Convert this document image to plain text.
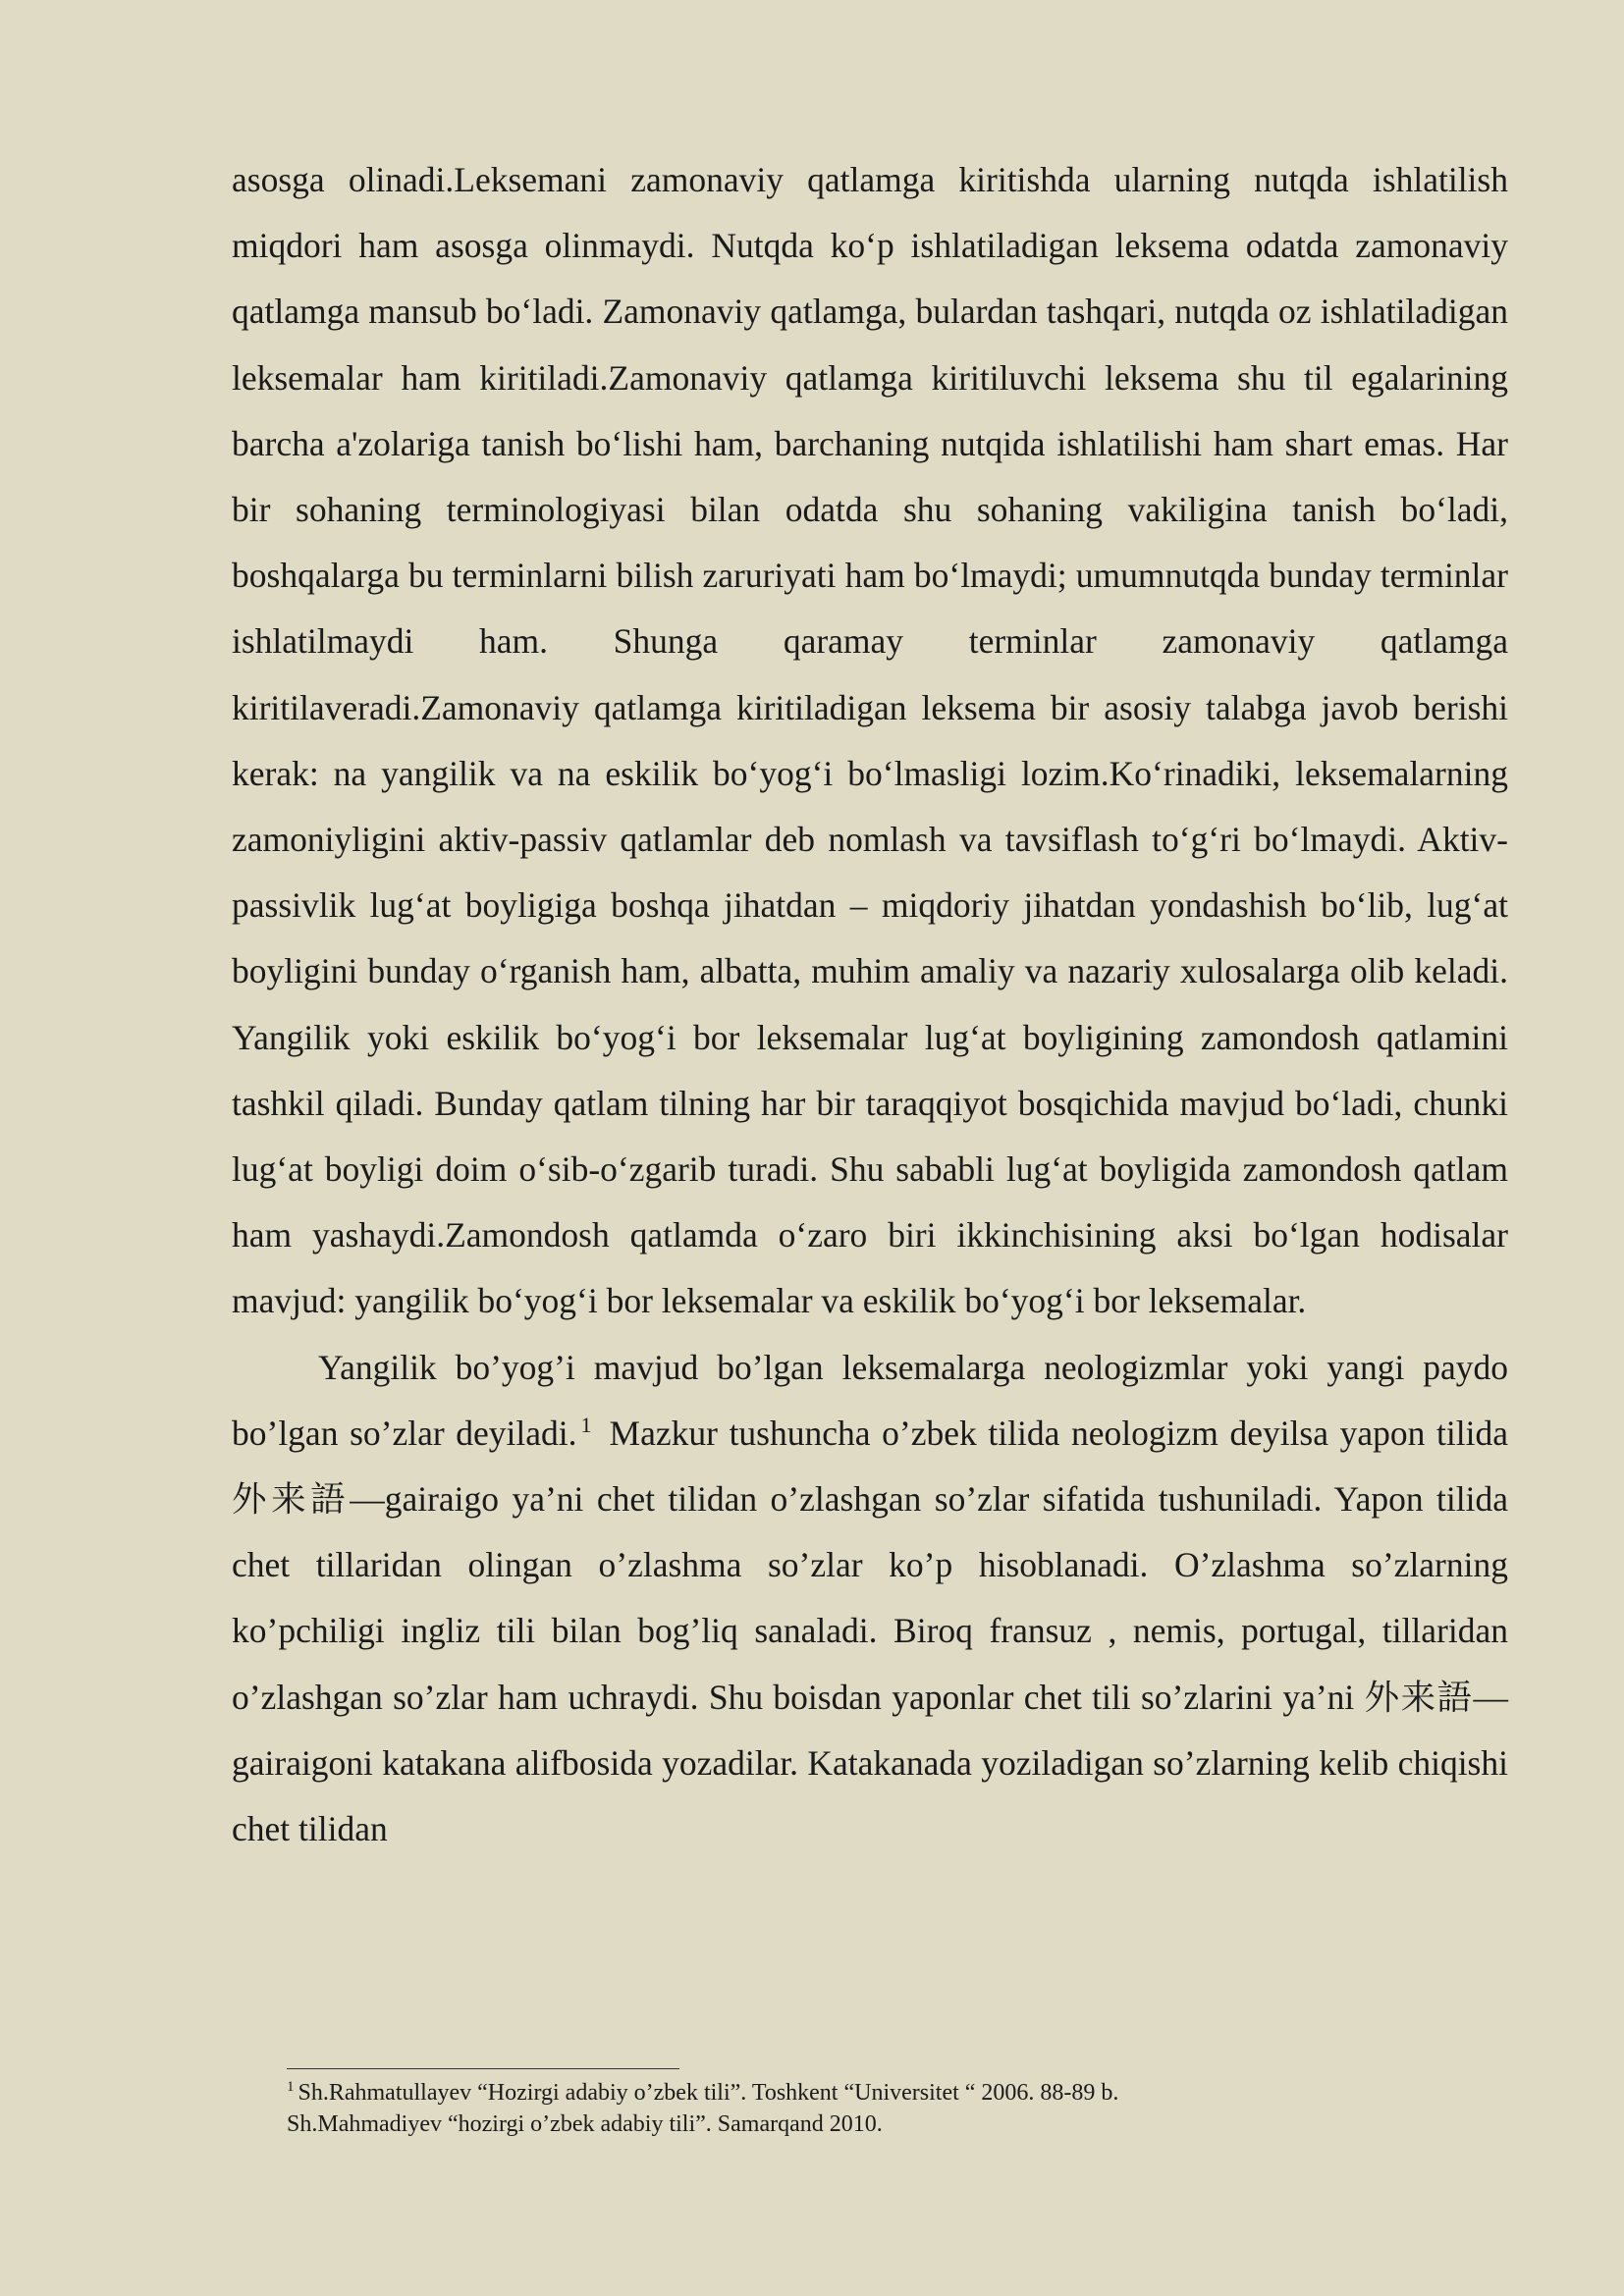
asosga olinadi.Leksemani zamonaviy qatlamga kiritishda ularning nutqda ishlatilish miqdori ham asosga olinmaydi. Nutqda ko‘p ishlatiladigan leksema odatda zamonaviy qatlamga mansub bo‘ladi. Zamonaviy qatlamga, bulardan tashqari, nutqda oz ishlatiladigan leksemalar ham kiritiladi.Zamonaviy qatlamga kiritiluvchi leksema shu til egalarining barcha a'zolariga tanish bo‘lishi ham, barchaning nutqida ishlatilishi ham shart emas. Har bir sohaning terminologiyasi bilan odatda shu sohaning vakiligina tanish bo‘ladi, boshqalarga bu terminlarni bilish zaruriyati ham bo‘lmaydi; umumnutqda bunday terminlar ishlatilmaydi ham. Shunga qaramay terminlar zamonaviy qatlamga kiritilaveradi.Zamonaviy qatlamga kiritiladigan leksema bir asosiy talabga javob berishi kerak: na yangilik va na eskilik bo‘yog‘i bo‘lmasligi lozim.Ko‘rinadiki, leksemalarning zamoniyligini aktiv-passiv qatlamlar deb nomlash va tavsiflash to‘g‘ri bo‘lmaydi. Aktiv-passivlik lug‘at boyligiga boshqa jihatdan – miqdoriy jihatdan yondashish bo‘lib, lug‘at boyligini bunday o‘rganish ham, albatta, muhim amaliy va nazariy xulosalarga olib keladi. Yangilik yoki eskilik bo‘yog‘i bor leksemalar lug‘at boyligining zamondosh qatlamini tashkil qiladi. Bunday qatlam tilning har bir taraqqiyot bosqichida mavjud bo‘ladi, chunki lug‘at boyligi doim o‘sib-o‘zgarib turadi. Shu sababli lug‘at boyligida zamondosh qatlam ham yashaydi.Zamondosh qatlamda o‘zaro biri ikkinchisining aksi bo‘lgan hodisalar mavjud: yangilik bo‘yog‘i bor leksemalar va eskilik bo‘yog‘i bor leksemalar.

Yangilik bo’yog’i mavjud bo’lgan leksemalarga neologizmlar yoki yangi paydo bo’lgan so’zlar deyiladi. $^1$ Mazkur tushuncha o’zbek tilida neologizm deyilsa yapon tilida 外来語—gairaigo ya’ni chet tilidan o’zlashgan so’zlar sifatida tushuniladi. Yapon tilida chet tillaridan olingan o’zlashma so’zlar ko’p hisoblanadi. O’zlashma so’zlarning ko’pchiligi ingliz tili bilan bog’liq sanaladi. Biroq fransuz , nemis, portugal, tillaridan o’zlashgan so’zlar ham uchraydi. Shu boisdan yaponlar chet tili so’zlarini ya’ni 外来語—gairaigoni katakana alifbosida yozadilar. Katakanada yoziladigan so’zlarning kelib chiqishi chet tilidan

$^1$ Sh.Rahmatullayev “Hozirgi adabiy o’zbek tili”. Toshkent “Universitet “ 2006. 88-89 b.

Sh.Mahmadiyev “hozirgi o’zbek adabiy tili”. Samarqand 2010.
